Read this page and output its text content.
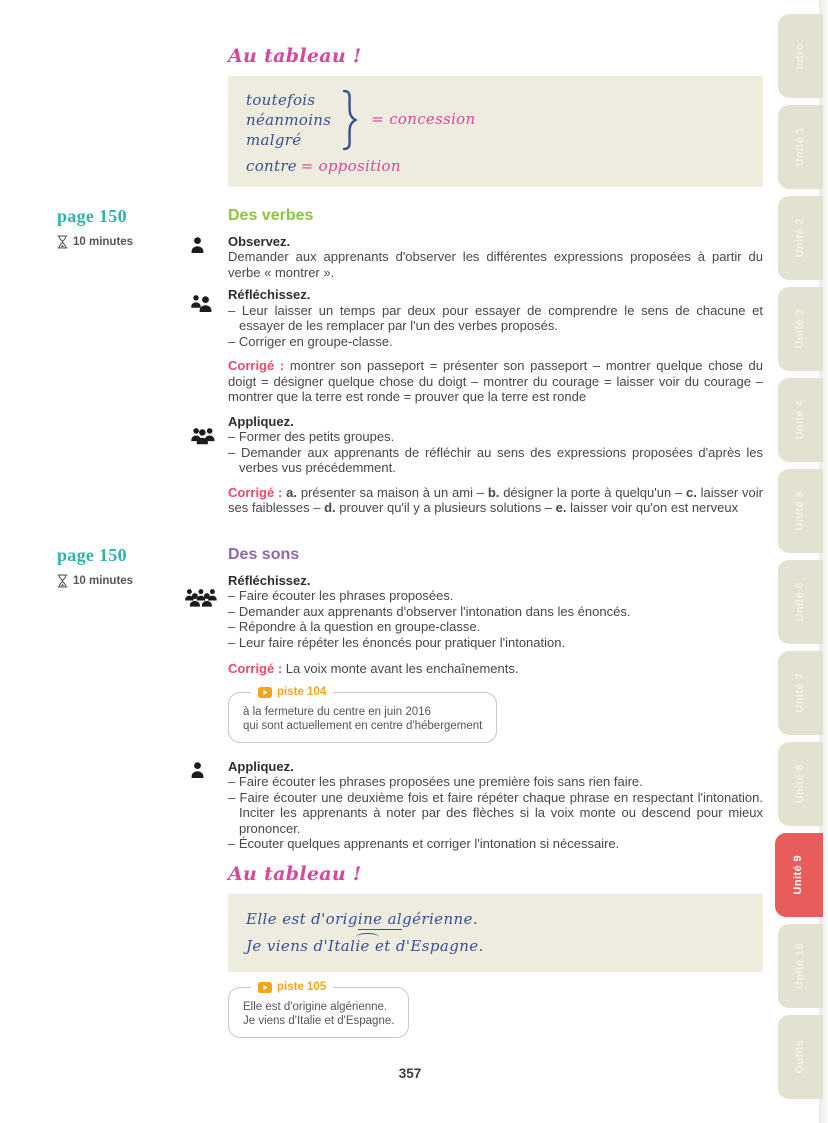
Intro
Unité 1
Unité 2
Unité 3
Unité 4
Unité 5
Unité 6
Unité 7
Unité 8
Unité 9
Unité 10
Outils
Au tableau !
toutefois
néanmoins
malgré
= concession
contre = opposition
page 150
10 minutes
Des verbes
Observez.

Demander aux apprenants d'observer les différentes expressions proposées à partir du verbe « montrer ».

Réfléchissez.

– Leur laisser un temps par deux pour essayer de comprendre le sens de chacune et essayer de les remplacer par l'un des verbes proposés.

– Corriger en groupe-classe.

Corrigé : montrer son passeport = présenter son passeport – montrer quelque chose du doigt = désigner quelque chose du doigt – montrer du courage = laisser voir du courage – montrer que la terre est ronde = prouver que la terre est ronde
Appliquez.

– Former des petits groupes.

– Demander aux apprenants de réfléchir au sens des expressions proposées d'après les verbes vus précédemment.

Corrigé : a. présenter sa maison à un ami – b. désigner la porte à quelqu'un – c. laisser voir ses faiblesses – d. prouver qu'il y a plusieurs solutions – e. laisser voir qu'on est nerveux
page 150
10 minutes
Des sons
Réfléchissez.

– Faire écouter les phrases proposées.

– Demander aux apprenants d'observer l'intonation dans les énoncés.

– Répondre à la question en groupe-classe.

– Leur faire répéter les énoncés pour pratiquer l'intonation.

Corrigé : La voix monte avant les enchaînements.
piste 104

à la fermeture du centre en juin 2016

qui sont actuellement en centre d'hébergement

Appliquez.

– Faire écouter les phrases proposées une première fois sans rien faire.

– Faire écouter une deuxième fois et faire répéter chaque phrase en respectant l'intonation. Inciter les apprenants à noter par des flèches si la voix monte ou descend pour mieux prononcer.

– Écouter quelques apprenants et corriger l'intonation si nécessaire.

Au tableau !
Elle est d'origine algérienne.
Je viens d'Italie et d'Espagne.
piste 105

Elle est d'origine algérienne.

Je viens d'Italie et d'Espagne.

357
